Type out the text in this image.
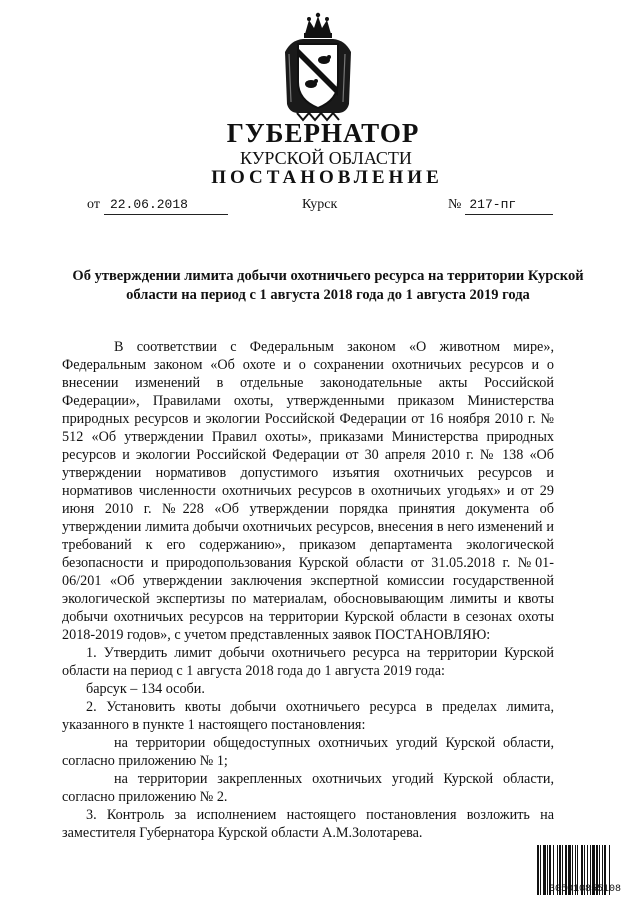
ГУБЕРНАТОР
КУРСКОЙ ОБЛАСТИ
ПОСТАНОВЛЕНИЕ
от 22.06.2018	Курск	№ 217-пг
Об утверждении лимита добычи охотничьего ресурса на территории Курской области на период с 1 августа 2018 года до 1 августа 2019 года

В соответствии с Федеральным законом «О животном мире», Федеральным законом «Об охоте и о сохранении охотничьих ресурсов и о внесении изменений в отдельные законодательные акты Российской Федерации», Правилами охоты, утвержденными приказом Министерства природных ресурсов и экологии Российской Федерации от 16 ноября 2010 г. № 512 «Об утверждении Правил охоты», приказами Министерства природных ресурсов и экологии Российской Федерации от 30 апреля 2010 г. № 138 «Об утверждении нормативов допустимого изъятия охотничьих ресурсов и нормативов численности охотничьих ресурсов в охотничьих угодьях» и от 29 июня 2010 г. №228 «Об утверждении порядка принятия документа об утверждении лимита добычи охотничьих ресурсов, внесения в него изменений и требований к его содержанию», приказом департамента экологической безопасности и природопользования Курской области от 31.05.2018 г. №01-06/201 «Об утверждении заключения экспертной комиссии государственной экологической экспертизы по материалам, обосновывающим лимиты и квоты добычи охотничьих ресурсов на территории Курской области в сезонах охоты 2018-2019 годов», с учетом представленных заявок ПОСТАНОВЛЯЮ:

1. Утвердить лимит добычи охотничьего ресурса на территории Курской области на период с 1 августа 2018 года до 1 августа 2019 года:

барсук – 134 особи.

2. Установить квоты добычи охотничьего ресурса в пределах лимита, указанного в пункте 1 настоящего постановления:

на территории общедоступных охотничьих угодий Курской области, согласно приложению № 1;

на территории закрепленных охотничьих угодий Курской области, согласно приложению № 2.

3. Контроль за исполнением настоящего постановления возложить на заместителя Губернатора Курской области А.М.Золотарева.

305010855108
